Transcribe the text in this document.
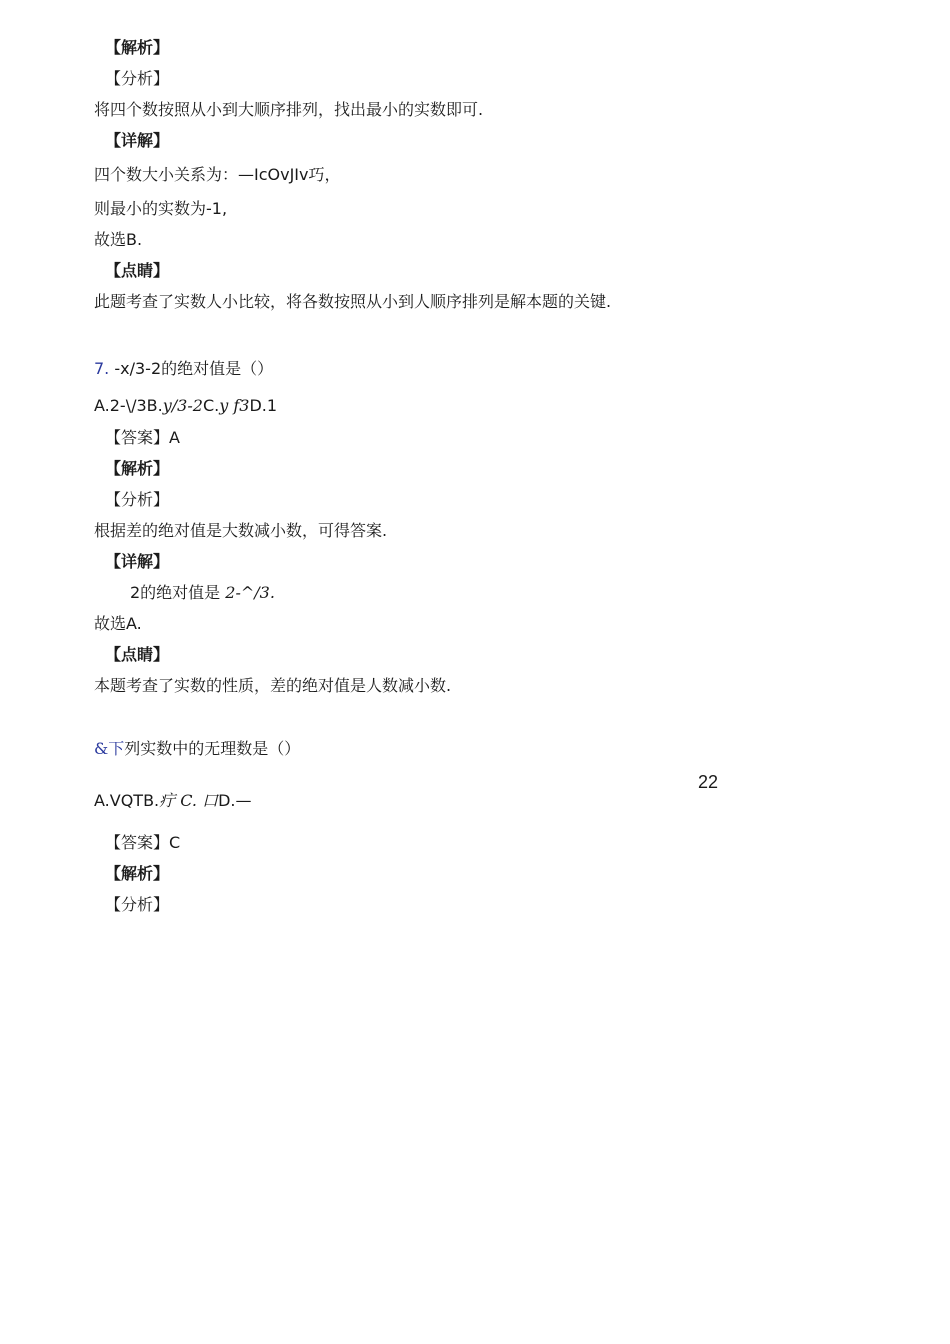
【解析】
【分析】
将四个数按照从小到大顺序排列，找出最小的实数即可.
【详解】
四个数大小关系为：—IcOvJIv巧，
则最小的实数为-1,
故选B.
【点睛】
此题考查了实数人小比较，将各数按照从小到人顺序排列是解本题的关键.
7. -x/3-2的绝对值是（）
A.2-\/3B.y/3-2C.y f3D.1
【答案】A
【解析】
【分析】
根据差的绝对值是大数减小数，可得答案.
【详解】
2的绝对值是 2-^/3.
故选A.
【点睛】
本题考查了实数的性质，差的绝对值是人数减小数.
&下列实数中的无理数是（）
22
A.VQTB.疔 C. 口D.—
【答案】C
【解析】
【分析】
